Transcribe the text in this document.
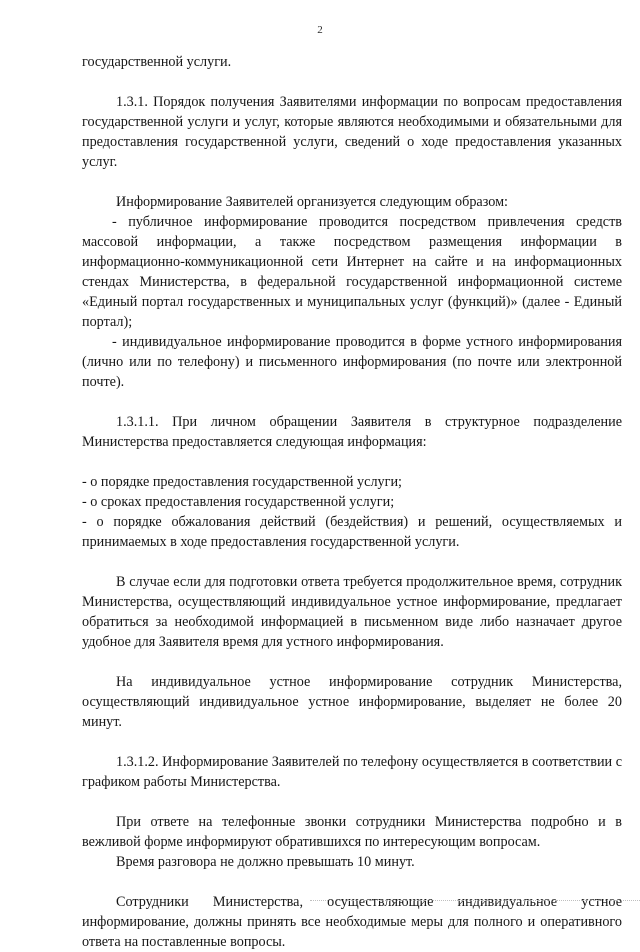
2

государственной услуги.

1.3.1. Порядок получения Заявителями информации по вопросам предоставления государственной услуги и услуг, которые являются необходимыми и обязательными для предоставления государственной услуги, сведений о ходе предоставления указанных услуг.

Информирование Заявителей организуется следующим образом:

- публичное информирование проводится посредством привлечения средств массовой информации, а также посредством размещения информации в информационно-коммуникационной сети Интернет на сайте и на информационных стендах Министерства, в федеральной государственной информационной системе «Единый портал государственных и муниципальных услуг (функций)» (далее - Единый портал);

- индивидуальное информирование проводится в форме устного информирования (лично или по телефону) и письменного информирования (по почте или электронной почте).

1.3.1.1. При личном обращении Заявителя в структурное подразделение Министерства предоставляется следующая информация:

- о порядке предоставления государственной услуги;

- о сроках предоставления государственной услуги;

- о порядке обжалования действий (бездействия) и решений, осуществляемых и принимаемых в ходе предоставления государственной услуги.

В случае если для подготовки ответа требуется продолжительное время, сотрудник Министерства, осуществляющий индивидуальное устное информирование, предлагает обратиться за необходимой информацией в письменном виде либо назначает другое удобное для Заявителя время для устного информирования.

На индивидуальное устное информирование сотрудник Министерства, осуществляющий индивидуальное устное информирование, выделяет не более 20 минут.

1.3.1.2. Информирование Заявителей по телефону осуществляется в соответствии с графиком работы Министерства.

При ответе на телефонные звонки сотрудники Министерства подробно и в вежливой форме информируют обратившихся по интересующим вопросам.

Время разговора не должно превышать 10 минут.

Сотрудники Министерства, осуществляющие индивидуальное устное информирование, должны принять все необходимые меры для полного и оперативного ответа на поставленные вопросы.
